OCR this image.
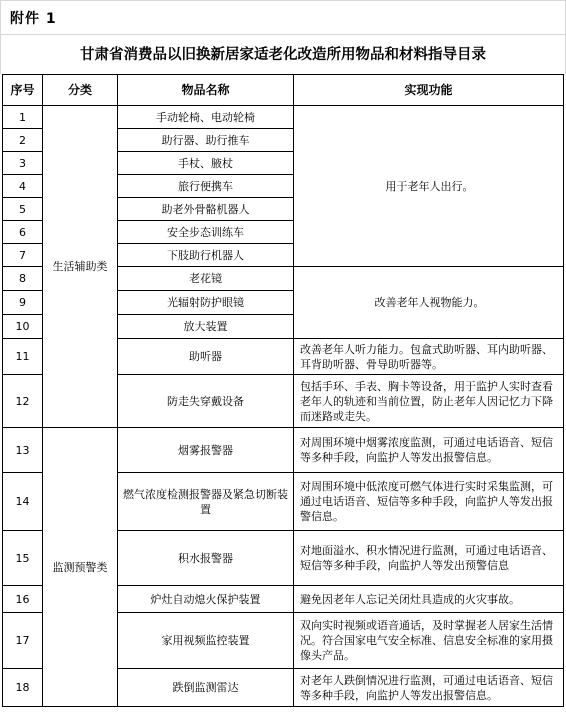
附件 1
甘肃省消费品以旧换新居家适老化改造所用物品和材料指导目录
序号	分类	物品名称	实现功能
1	生活辅助类	手动轮椅、电动轮椅	用于老年人出行。
2		助行器、助行推车	
3		手杖、腋杖	
4		旅行便携车	
5		助老外骨骼机器人	
6		安全步态训练车	
7		下肢助行机器人	
8		老花镜	改善老年人视物能力。
9		光辐射防护眼镜	
10		放大装置	
11		助听器	改善老年人听力能力。包盒式助听器、耳内助听器、耳背助听器、骨导助听器等。
12		防走失穿戴设备	包括手环、手表、胸卡等设备，用于监护人实时查看老年人的轨迹和当前位置，防止老年人因记忆力下降而迷路或走失。
13	监测预警类	烟雾报警器	对周围环境中烟雾浓度监测，可通过电话语音、短信等多种手段，向监护人等发出报警信息。
14		燃气浓度检测报警器及紧急切断装置	对周围环境中低浓度可燃气体进行实时采集监测，可通过电话语音、短信等多种手段，向监护人等发出报警信息。
15		积水报警器	对地面溢水、积水情况进行监测，可通过电话语音、短信等多种手段，向监护人等发出预警信息
16		炉灶自动熄火保护装置	避免因老年人忘记关闭灶具造成的火灾事故。
17		家用视频监控装置	双向实时视频或语音通话，及时掌握老人居家生活情况。符合国家电气安全标准、信息安全标准的家用摄像头产品。
18		跌倒监测雷达	对老年人跌倒情况进行监测，可通过电话语音、短信等多种手段，向监护人等发出报警信息。
